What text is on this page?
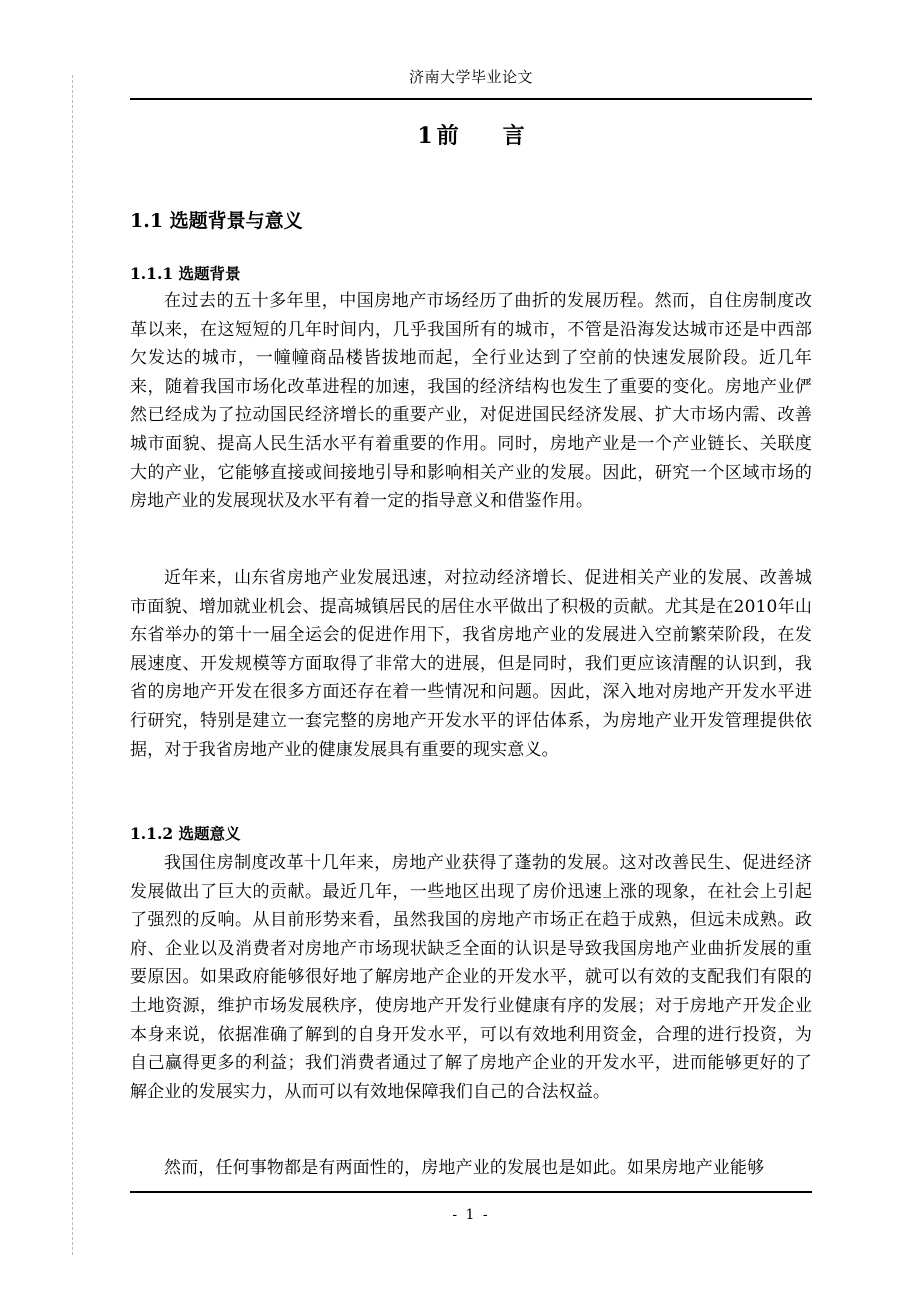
济南大学毕业论文
1 前 言
1.1 选题背景与意义
1.1.1 选题背景

在过去的五十多年里，中国房地产市场经历了曲折的发展历程。然而，自住房制度改革以来，在这短短的几年时间内，几乎我国所有的城市，不管是沿海发达城市还是中西部欠发达的城市，一幢幢商品楼皆拔地而起，全行业达到了空前的快速发展阶段。近几年来，随着我国市场化改革进程的加速，我国的经济结构也发生了重要的变化。房地产业俨然已经成为了拉动国民经济增长的重要产业，对促进国民经济发展、扩大市场内需、改善城市面貌、提高人民生活水平有着重要的作用。同时，房地产业是一个产业链长、关联度大的产业，它能够直接或间接地引导和影响相关产业的发展。因此，研究一个区域市场的房地产业的发展现状及水平有着一定的指导意义和借鉴作用。

近年来，山东省房地产业发展迅速，对拉动经济增长、促进相关产业的发展、改善城市面貌、增加就业机会、提高城镇居民的居住水平做出了积极的贡献。尤其是在2010年山东省举办的第十一届全运会的促进作用下，我省房地产业的发展进入空前繁荣阶段，在发展速度、开发规模等方面取得了非常大的进展，但是同时，我们更应该清醒的认识到，我省的房地产开发在很多方面还存在着一些情况和问题。因此，深入地对房地产开发水平进行研究，特别是建立一套完整的房地产开发水平的评估体系，为房地产业开发管理提供依据，对于我省房地产业的健康发展具有重要的现实意义。

1.1.2 选题意义

我国住房制度改革十几年来，房地产业获得了蓬勃的发展。这对改善民生、促进经济发展做出了巨大的贡献。最近几年，一些地区出现了房价迅速上涨的现象，在社会上引起了强烈的反响。从目前形势来看，虽然我国的房地产市场正在趋于成熟，但远未成熟。政府、企业以及消费者对房地产市场现状缺乏全面的认识是导致我国房地产业曲折发展的重要原因。如果政府能够很好地了解房地产企业的开发水平，就可以有效的支配我们有限的土地资源，维护市场发展秩序，使房地产开发行业健康有序的发展；对于房地产开发企业本身来说，依据准确了解到的自身开发水平，可以有效地利用资金，合理的进行投资，为自己赢得更多的利益；我们消费者通过了解了房地产企业的开发水平，进而能够更好的了解企业的发展实力，从而可以有效地保障我们自己的合法权益。

然而，任何事物都是有两面性的，房地产业的发展也是如此。如果房地产业能够

- 1 -
